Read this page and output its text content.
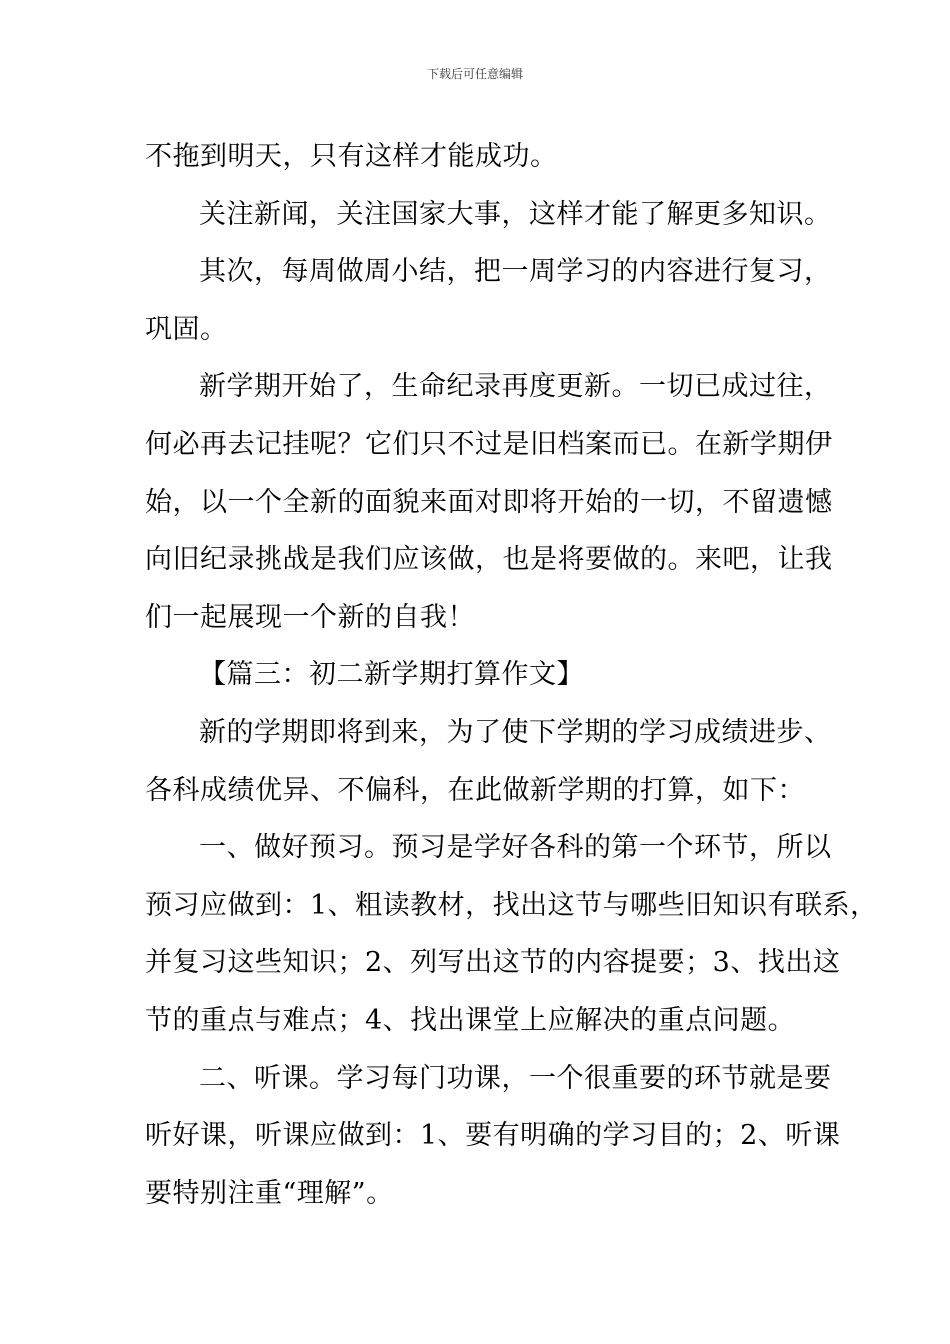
下载后可任意编辑
不拖到明天，只有这样才能成功。
关注新闻，关注国家大事，这样才能了解更多知识。
其次，每周做周小结，把一周学习的内容进行复习，
巩固。
新学期开始了，生命纪录再度更新。一切已成过往，
何必再去记挂呢？它们只不过是旧档案而已。在新学期伊
始，以一个全新的面貌来面对即将开始的一切，不留遗憾
向旧纪录挑战是我们应该做，也是将要做的。来吧，让我
们一起展现一个新的自我！
【篇三：初二新学期打算作文】
新的学期即将到来，为了使下学期的学习成绩进步、
各科成绩优异、不偏科，在此做新学期的打算，如下：
一、做好预习。预习是学好各科的第一个环节，所以
预习应做到：1、粗读教材，找出这节与哪些旧知识有联系，
并复习这些知识；2、列写出这节的内容提要；3、找出这
节的重点与难点；4、找出课堂上应解决的重点问题。
二、听课。学习每门功课，一个很重要的环节就是要
听好课，听课应做到：1、要有明确的学习目的；2、听课
要特别注重“理解”。
